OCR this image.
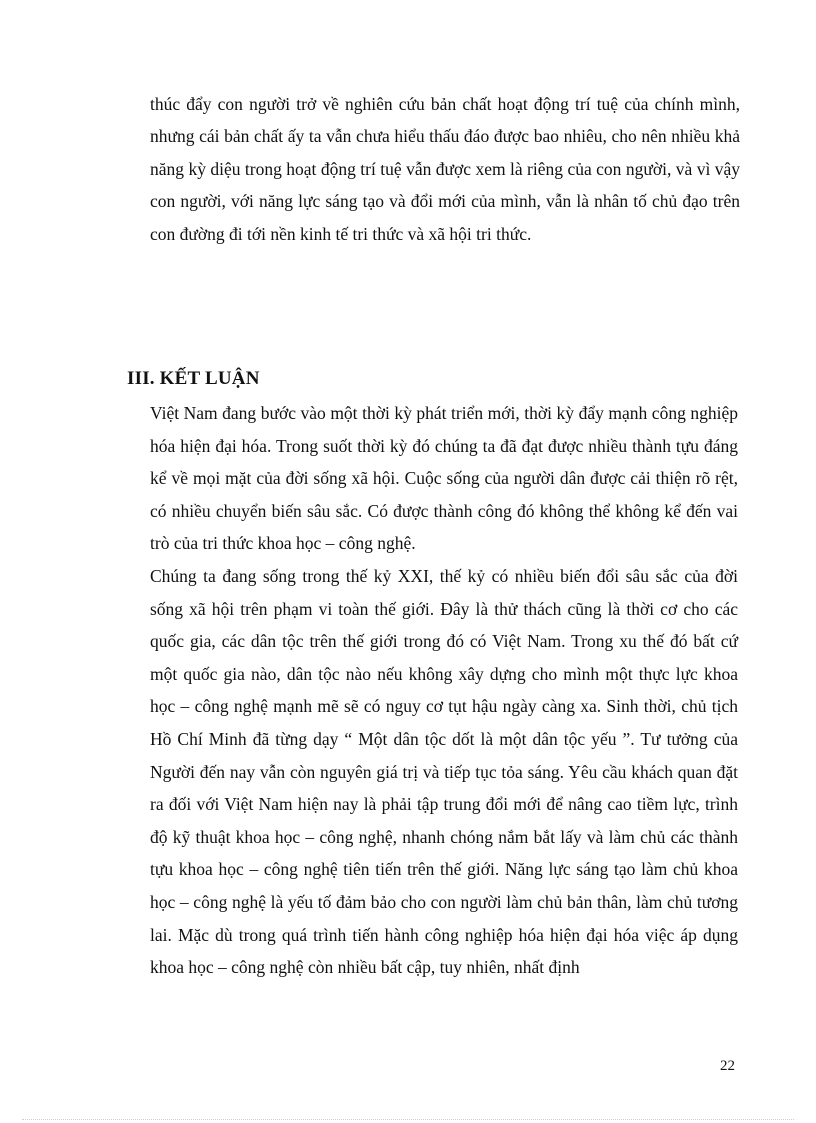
thúc đẩy con người trở về nghiên cứu bản chất hoạt động trí tuệ của chính mình, nhưng cái bản chất ấy ta vẫn chưa hiểu thấu đáo được bao nhiêu, cho nên nhiều khả năng kỳ diệu trong hoạt động trí tuệ vẫn được xem là riêng của con người, và vì vậy con người, với năng lực sáng tạo và đổi mới của mình, vẫn là nhân tố chủ đạo trên con đường đi tới nền kinh tế tri thức và xã hội tri thức.

III. KẾT LUẬN

Việt Nam đang bước vào một thời kỳ phát triển mới, thời kỳ đẩy mạnh công nghiệp hóa hiện đại hóa. Trong suốt thời kỳ đó chúng ta đã đạt được nhiều thành tựu đáng kể về mọi mặt của đời sống xã hội. Cuộc sống của người dân được cải thiện rõ rệt, có nhiều chuyển biến sâu sắc. Có được thành công đó không thể không kể đến vai trò của tri thức khoa học – công nghệ.

Chúng ta đang sống trong thế kỷ XXI, thế kỷ có nhiều biến đổi sâu sắc của đời sống xã hội trên phạm vi toàn thế giới. Đây là thử thách cũng là thời cơ cho các quốc gia, các dân tộc trên thế giới trong đó có Việt Nam. Trong xu thế đó bất cứ một quốc gia nào, dân tộc nào nếu không xây dựng cho mình một thực lực khoa học – công nghệ mạnh mẽ sẽ có nguy cơ tụt hậu ngày càng xa. Sinh thời, chủ tịch Hồ Chí Minh đã từng dạy “ Một dân tộc dốt là một dân tộc yếu ”. Tư tưởng của Người đến nay vẫn còn nguyên giá trị và tiếp tục tỏa sáng. Yêu cầu khách quan đặt ra đối với Việt Nam hiện nay là phải tập trung đổi mới để nâng cao tiềm lực, trình độ kỹ thuật khoa học – công nghệ, nhanh chóng nắm bắt lấy và làm chủ các thành tựu khoa học – công nghệ tiên tiến trên thế giới. Năng lực sáng tạo làm chủ khoa học – công nghệ là yếu tố đảm bảo cho con người làm chủ bản thân, làm chủ tương lai. Mặc dù trong quá trình tiến hành công nghiệp hóa hiện đại hóa việc áp dụng khoa học – công nghệ còn nhiều bất cập, tuy nhiên, nhất định

22
